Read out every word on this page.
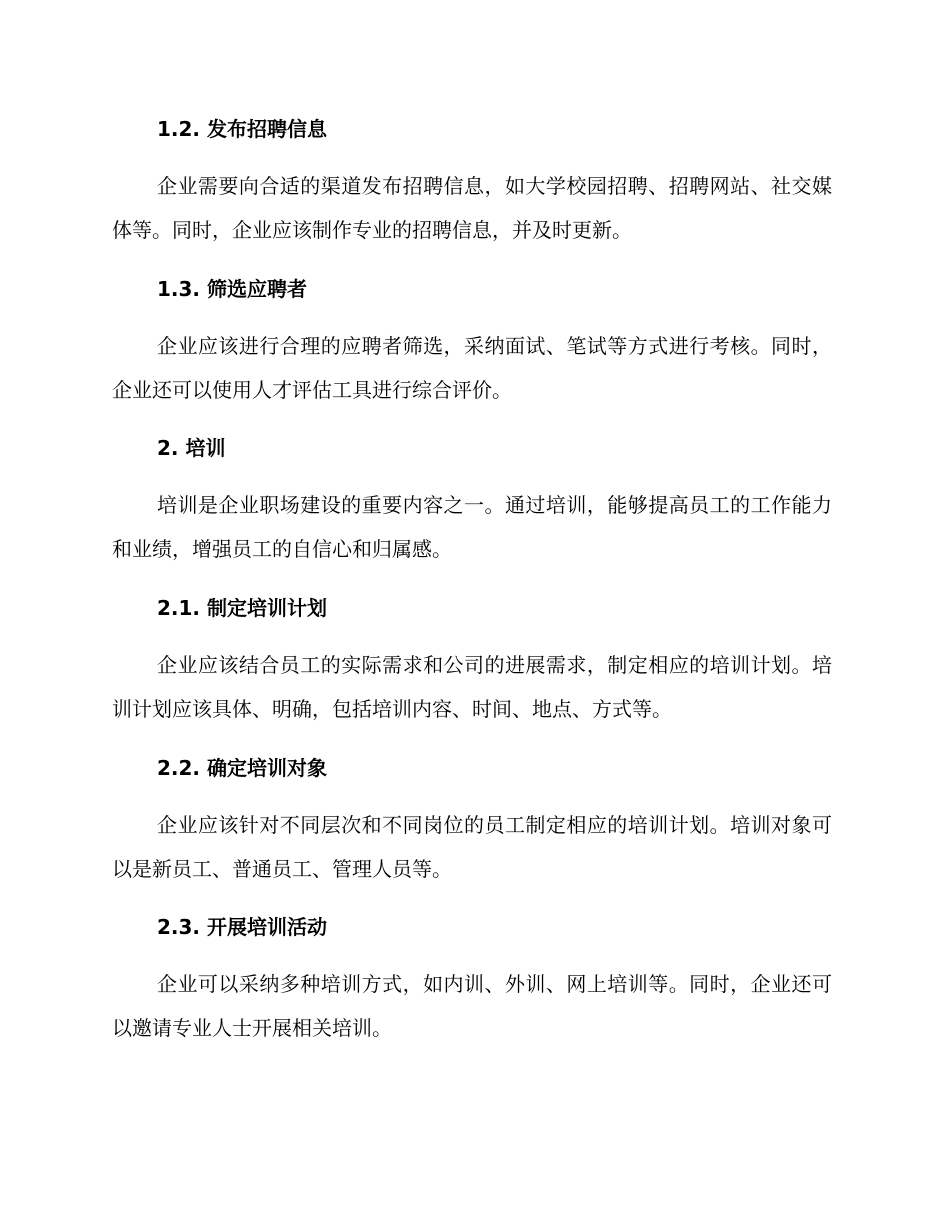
1.2. 发布招聘信息

企业需要向合适的渠道发布招聘信息，如大学校园招聘、招聘网站、社交媒体等。同时，企业应该制作专业的招聘信息，并及时更新。

1.3. 筛选应聘者

企业应该进行合理的应聘者筛选，采纳面试、笔试等方式进行考核。同时，企业还可以使用人才评估工具进行综合评价。

2. 培训

培训是企业职场建设的重要内容之一。通过培训，能够提高员工的工作能力和业绩，增强员工的自信心和归属感。

2.1. 制定培训计划

企业应该结合员工的实际需求和公司的进展需求，制定相应的培训计划。培训计划应该具体、明确，包括培训内容、时间、地点、方式等。

2.2. 确定培训对象

企业应该针对不同层次和不同岗位的员工制定相应的培训计划。培训对象可以是新员工、普通员工、管理人员等。

2.3. 开展培训活动

企业可以采纳多种培训方式，如内训、外训、网上培训等。同时，企业还可以邀请专业人士开展相关培训。
